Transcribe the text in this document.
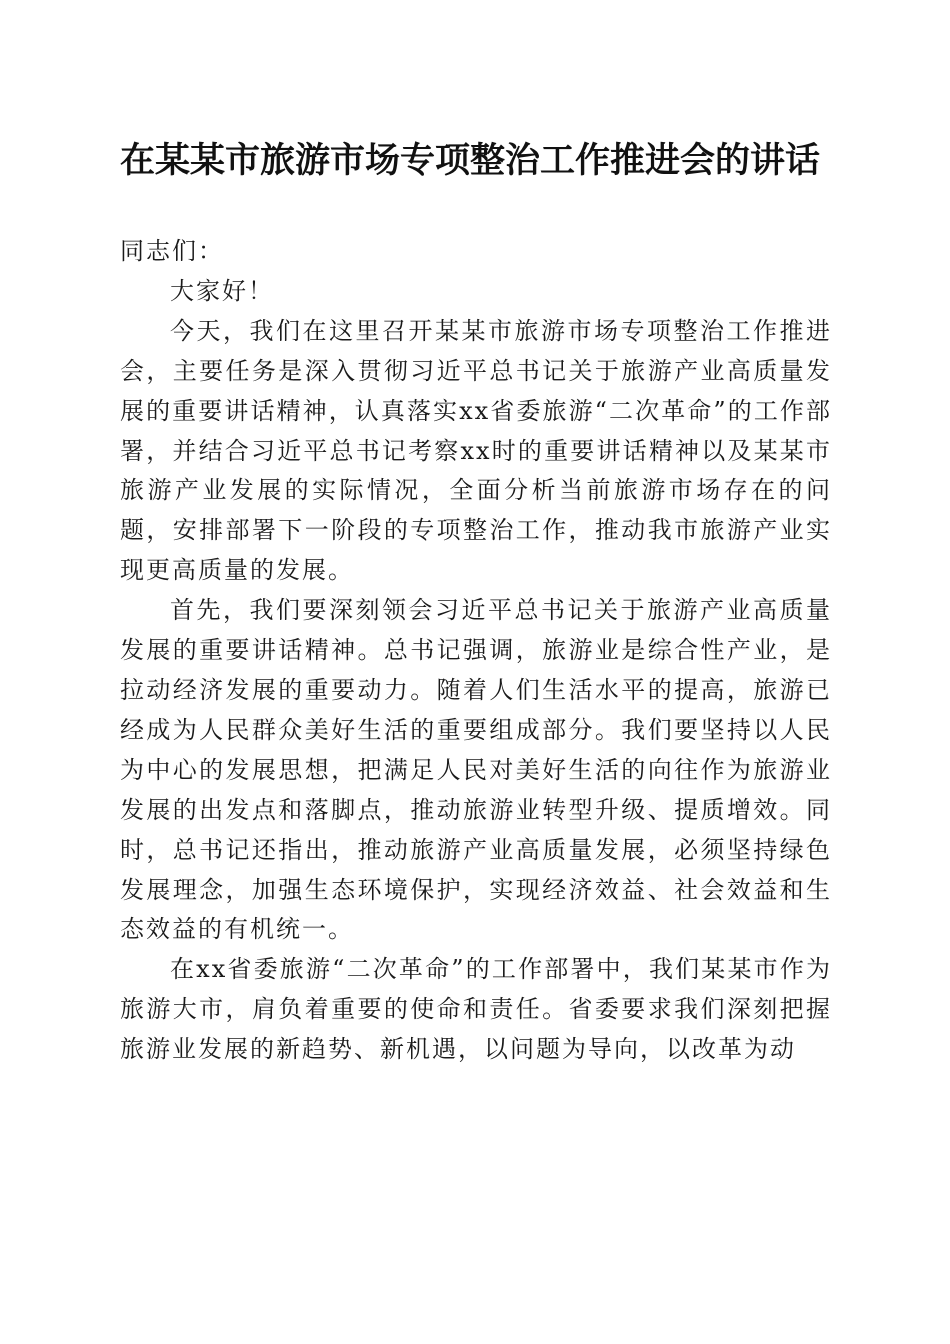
在某某市旅游市场专项整治工作推进会的讲话

同志们：

大家好！

今天，我们在这里召开某某市旅游市场专项整治工作推进会，主要任务是深入贯彻习近平总书记关于旅游产业高质量发展的重要讲话精神，认真落实xx省委旅游“二次革命”的工作部署，并结合习近平总书记考察xx时的重要讲话精神以及某某市旅游产业发展的实际情况，全面分析当前旅游市场存在的问题，安排部署下一阶段的专项整治工作，推动我市旅游产业实现更高质量的发展。

首先，我们要深刻领会习近平总书记关于旅游产业高质量发展的重要讲话精神。总书记强调，旅游业是综合性产业，是拉动经济发展的重要动力。随着人们生活水平的提高，旅游已经成为人民群众美好生活的重要组成部分。我们要坚持以人民为中心的发展思想，把满足人民对美好生活的向往作为旅游业发展的出发点和落脚点，推动旅游业转型升级、提质增效。同时，总书记还指出，推动旅游产业高质量发展，必须坚持绿色发展理念，加强生态环境保护，实现经济效益、社会效益和生态效益的有机统一。

在xx省委旅游“二次革命”的工作部署中，我们某某市作为旅游大市，肩负着重要的使命和责任。省委要求我们深刻把握旅游业发展的新趋势、新机遇，以问题为导向，以改革为动
